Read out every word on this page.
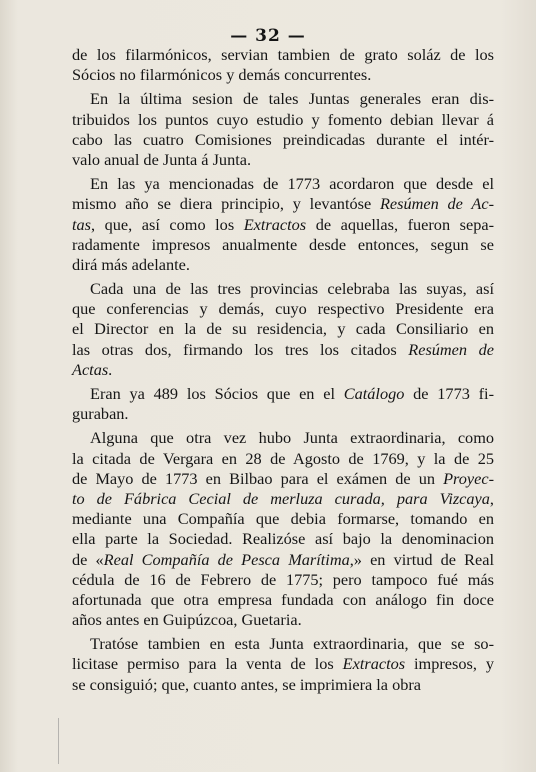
— 32 —
de los filarmónicos, servian tambien de grato soláz de los
Sócios no filarmónicos y demás concurrentes.
En la última sesion de tales Juntas generales eran dis-
tribuidos los puntos cuyo estudio y fomento debian llevar á
cabo las cuatro Comisiones preindicadas durante el intér-
valo anual de Junta á Junta.
En las ya mencionadas de 1773 acordaron que desde el
mismo año se diera principio, y levantóse Resúmen de Ac-
tas, que, así como los Extractos de aquellas, fueron sepa-
radamente impresos anualmente desde entonces, segun se
dirá más adelante.
Cada una de las tres provincias celebraba las suyas, así
que conferencias y demás, cuyo respectivo Presidente era
el Director en la de su residencia, y cada Consiliario en
las otras dos, firmando los tres los citados Resúmen de
Actas.
Eran ya 489 los Sócios que en el Catálogo de 1773 fi-
guraban.
Alguna que otra vez hubo Junta extraordinaria, como
la citada de Vergara en 28 de Agosto de 1769, y la de 25
de Mayo de 1773 en Bilbao para el exámen de un Proyec-
to de Fábrica Cecial de merluza curada, para Vizcaya,
mediante una Compañía que debia formarse, tomando en
ella parte la Sociedad. Realizóse así bajo la denominacion
de «Real Compañía de Pesca Marítima,» en virtud de Real
cédula de 16 de Febrero de 1775; pero tampoco fué más
afortunada que otra empresa fundada con análogo fin doce
años antes en Guipúzcoa, Guetaria.
Tratóse tambien en esta Junta extraordinaria, que se so-
licitase permiso para la venta de los Extractos impresos, y
se consiguió; que, cuanto antes, se imprimiera la obra
